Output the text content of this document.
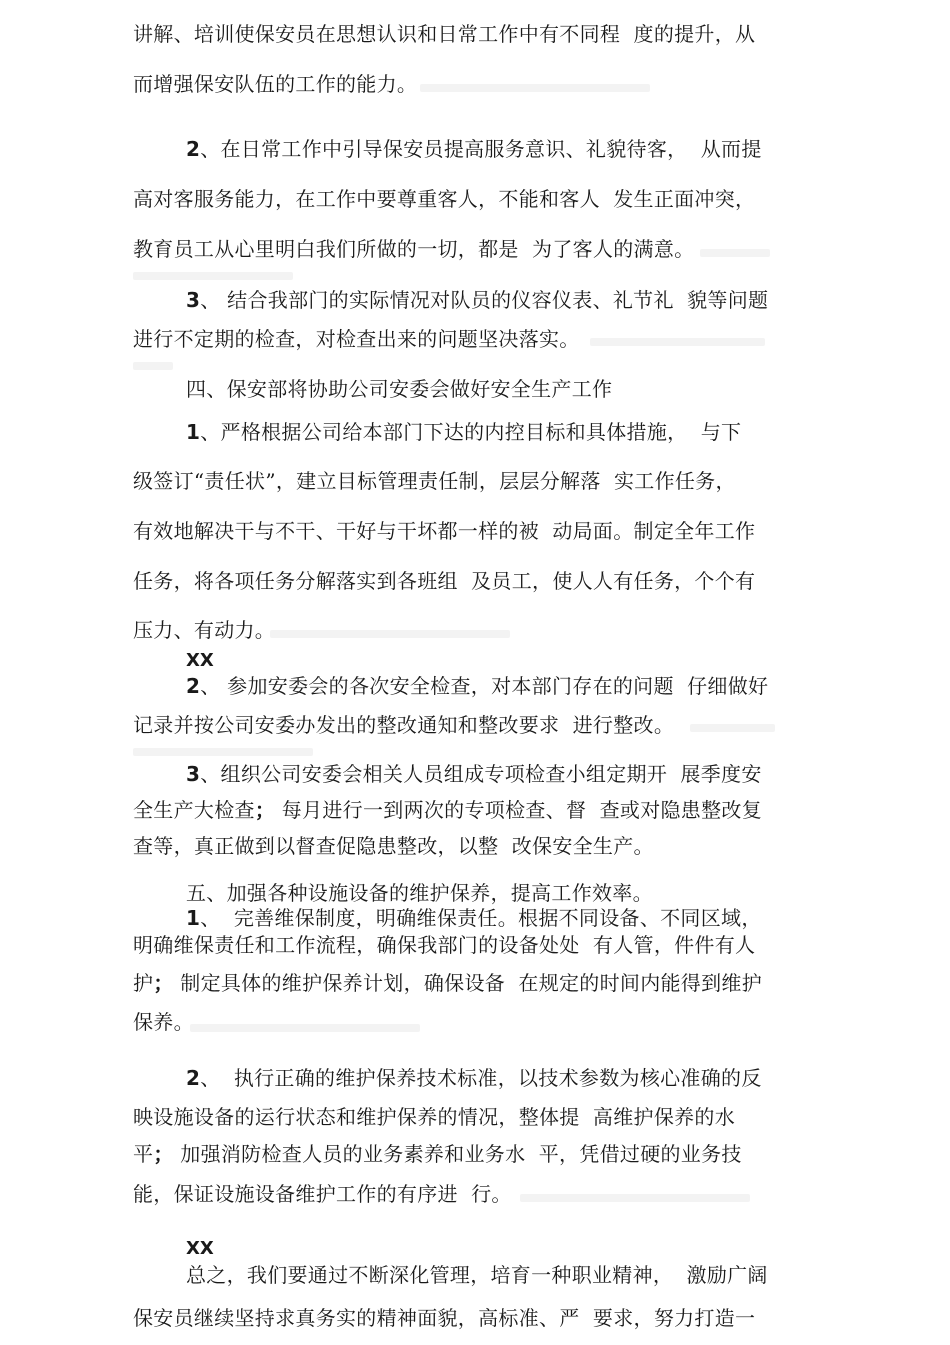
讲解、培训使保安员在思想认识和日常工作中有不同程  度的提升，从
而增强保安队伍的工作的能力。
2、在日常工作中引导保安员提高服务意识、礼貌待客，  从而提
高对客服务能力，在工作中要尊重客人，不能和客人  发生正面冲突，
教育员工从心里明白我们所做的一切，都是  为了客人的满意。
3、 结合我部门的实际情况对队员的仪容仪表、礼节礼  貌等问题
进行不定期的检查，对检查出来的问题坚决落实。
四、保安部将协助公司安委会做好安全生产工作
1、严格根据公司给本部门下达的内控目标和具体措施，  与下
级签订“责任状”，建立目标管理责任制，层层分解落  实工作任务，
有效地解决干与不干、干好与干坏都一样的被  动局面。制定全年工作
任务，将各项任务分解落实到各班组  及员工，使人人有任务，个个有
压力、有动力。
XX
2、 参加安委会的各次安全检查，对本部门存在的问题  仔细做好
记录并按公司安委办发出的整改通知和整改要求  进行整改。
3、组织公司安委会相关人员组成专项检查小组定期开  展季度安
全生产大检查； 每月进行一到两次的专项检查、督  查或对隐患整改复
查等，真正做到以督查促隐患整改，以整  改保安全生产。
五、加强各种设施设备的维护保养，提高工作效率。
1、  完善维保制度，明确维保责任。根据不同设备、不同区域，
明确维保责任和工作流程，确保我部门的设备处处  有人管，件件有人
护； 制定具体的维护保养计划，确保设备  在规定的时间内能得到维护
保养。
2、  执行正确的维护保养技术标准，以技术参数为核心准确的反
映设施设备的运行状态和维护保养的情况，整体提  高维护保养的水
平； 加强消防检查人员的业务素养和业务水  平，凭借过硬的业务技
能，保证设施设备维护工作的有序进  行。
XX
总之，我们要通过不断深化管理，培育一种职业精神，  激励广阔
保安员继续坚持求真务实的精神面貌，高标准、严  要求，努力打造一
